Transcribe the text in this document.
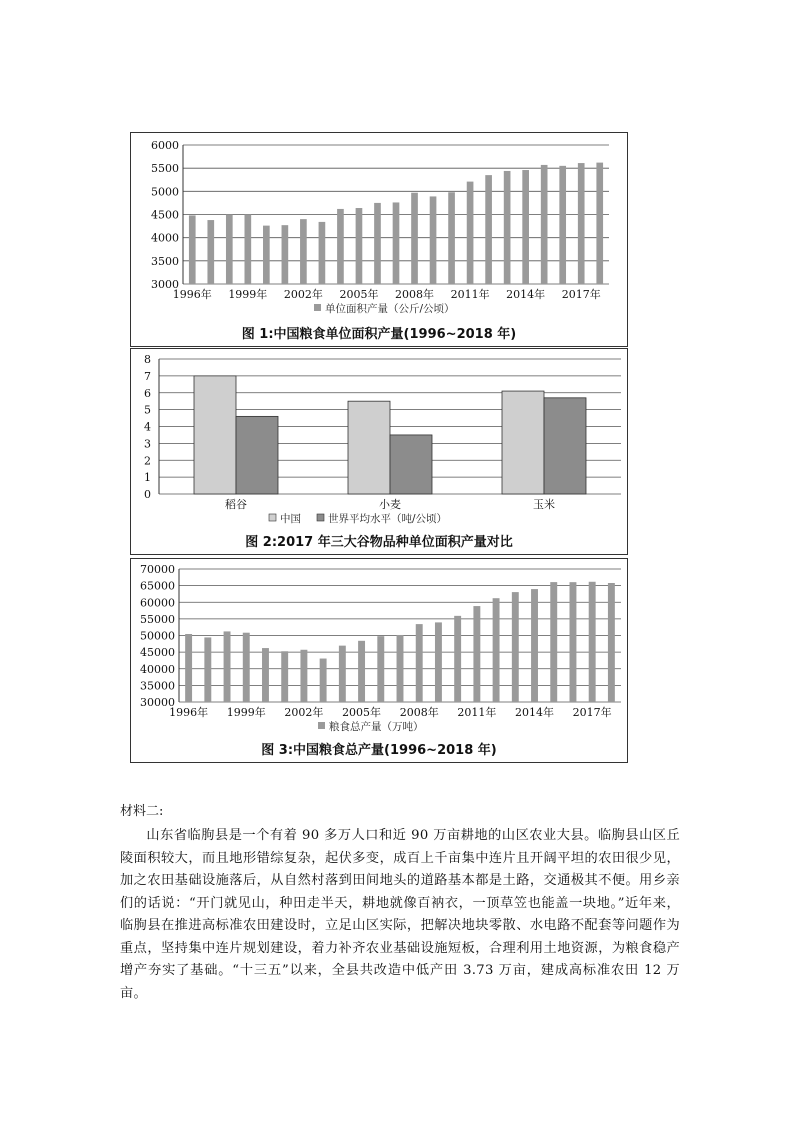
3000
3500
4000
4500
5000
5500
6000
1996年 1999年 2002年 2005年 2008年 2011年 2014年 2017年
单位面积产量（公斤/公顷）
图 1:中国粮食单位面积产量(1996~2018 年)
0
1
2
3
4
5
6
7
8
稻谷	小麦	玉米
中国	世界平均水平（吨/公顷）
图 2:2017 年三大谷物品种单位面积产量对比
30000
35000
40000
45000
50000
55000
60000
65000
70000
1996年 1999年 2002年 2005年 2008年 2011年 2014年 2017年
粮食总产量（万吨）
图 3:中国粮食总产量(1996~2018 年)

材料二:

山东省临朐县是一个有着 90 多万人口和近 90 万亩耕地的山区农业大县。临朐县山区丘陵面积较大，而且地形错综复杂，起伏多变，成百上千亩集中连片且开阔平坦的农田很少见，加之农田基础设施落后，从自然村落到田间地头的道路基本都是土路，交通极其不便。用乡亲们的话说：“开门就见山，种田走半天，耕地就像百衲衣，一顶草笠也能盖一块地。”近年来，临朐县在推进高标准农田建设时，立足山区实际，把解决地块零散、水电路不配套等问题作为重点，坚持集中连片规划建设，着力补齐农业基础设施短板，合理利用土地资源，为粮食稳产增产夯实了基础。“十三五”以来，全县共改造中低产田 3.73 万亩，建成高标准农田 12 万亩。
